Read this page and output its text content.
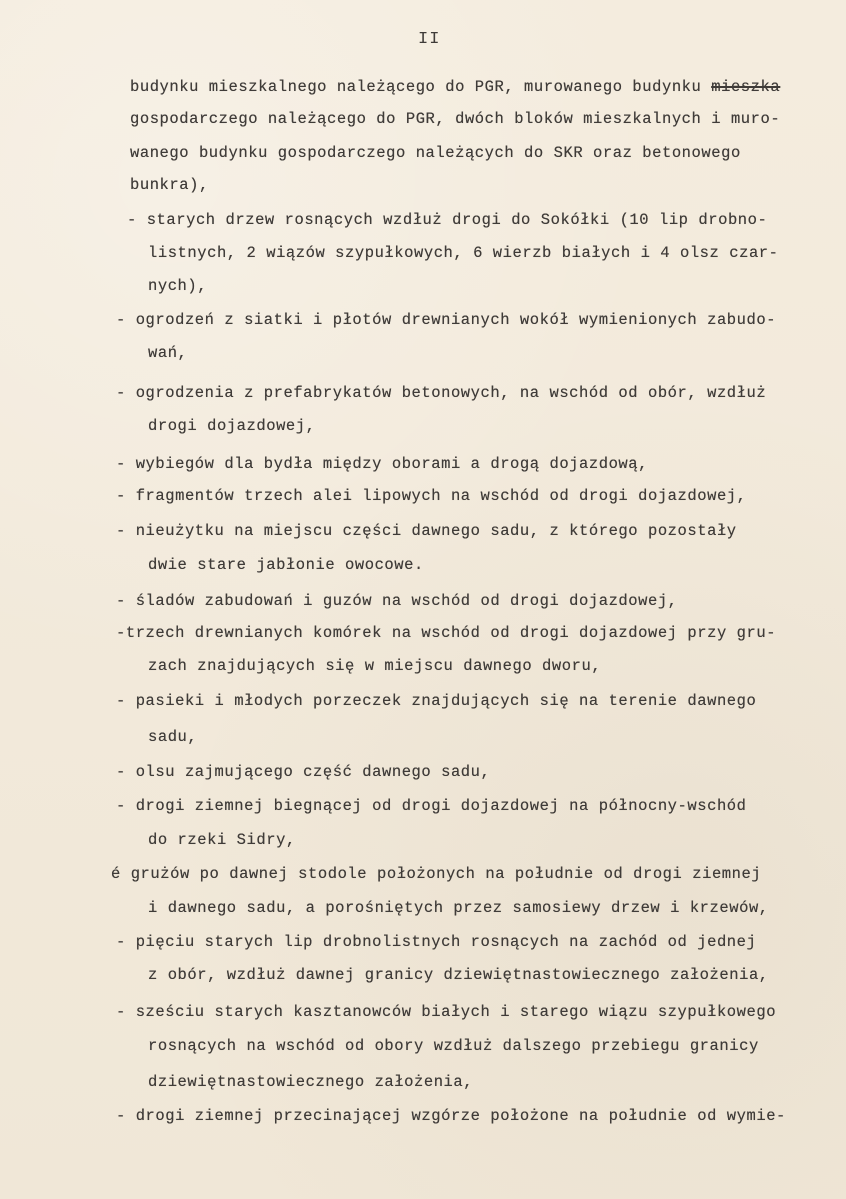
II
budynku mieszkalnego należącego do PGR, murowanego budynku mieszka
gospodarczego należącego do PGR, dwóch bloków mieszkalnych i muro-
wanego budynku gospodarczego należących do SKR oraz betonowego
bunkra),
- starych drzew rosnących wzdłuż drogi do Sokółki (10 lip drobno-
listnych, 2 wiązów szypułkowych, 6 wierzb białych i 4 olsz czar-
nych),
- ogrodzeń z siatki i płotów drewnianych wokół wymienionych zabudo-
wań,
- ogrodzenia z prefabrykatów betonowych, na wschód od obór, wzdłuż
drogi dojazdowej,
- wybiegów dla bydła między oborami a drogą dojazdową,
- fragmentów trzech alei lipowych na wschód od drogi dojazdowej,
- nieużytku na miejscu części dawnego sadu, z którego pozostały
dwie stare jabłonie owocowe.
- śladów zabudowań i guzów na wschód od drogi dojazdowej,
-trzech drewnianych komórek na wschód od drogi dojazdowej przy gru-
zach znajdujących się w miejscu dawnego dworu,
- pasieki i młodych porzeczek znajdujących się na terenie dawnego
sadu,
- olsu zajmującego część dawnego sadu,
- drogi ziemnej biegnącej od drogi dojazdowej na północny-wschód
do rzeki Sidry,
é grużów po dawnej stodole położonych na południe od drogi ziemnej
i dawnego sadu, a porośniętych przez samosiewy drzew i krzewów,
- pięciu starych lip drobnolistnych rosnących na zachód od jednej
z obór, wzdłuż dawnej granicy dziewiętnastowiecznego założenia,
- sześciu starych kasztanowców białych i starego wiązu szypułkowego
rosnących na wschód od obory wzdłuż dalszego przebiegu granicy
dziewiętnastowiecznego założenia,
- drogi ziemnej przecinającej wzgórze położone na południe od wymie-
